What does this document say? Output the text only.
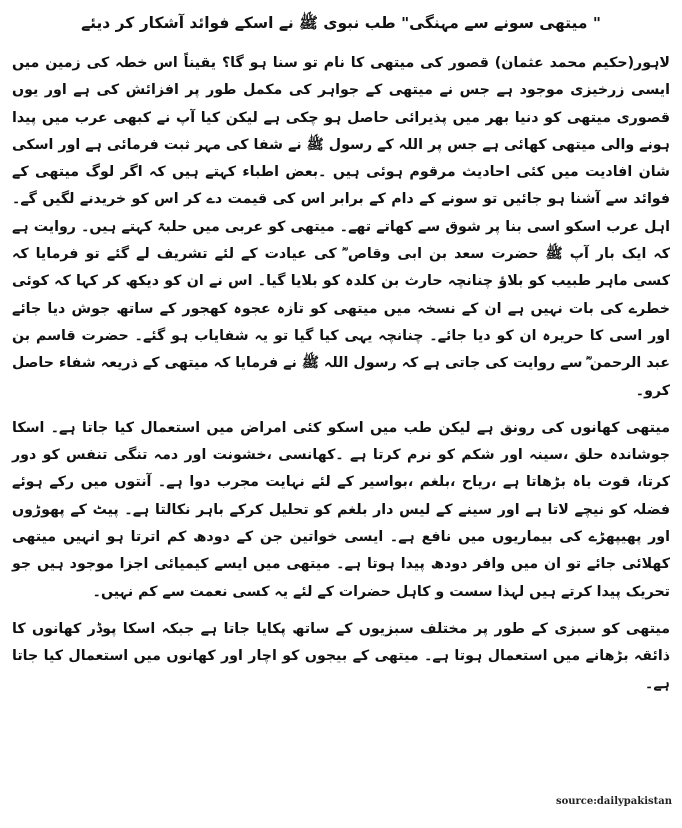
" میتھی سونے سے مہنگی" طب نبوی ﷺ نے اسکے فوائد آشکار کر دیئے

لاہور(حکیم محمد عثمان) قصور کی میتھی کا نام تو سنا ہو گا؟ یقیناً اس خطہ کی زمین میں ایسی زرخیزی موجود ہے جس نے میتھی کے جواہر کی مکمل طور پر افزائش کی ہے اور یوں قصوری میتھی کو دنیا بھر میں پذیرائی حاصل ہو چکی ہے لیکن کیا آپ نے کبھی عرب میں پیدا ہونے والی میتھی کھائی ہے جس پر اللہ کے رسول ﷺ نے شفا کی مہر ثبت فرمائی ہے اور اسکی شان افادیت میں کئی احادیث مرقوم ہوئی ہیں ۔بعض اطباء کہتے ہیں کہ اگر لوگ میتھی کے فوائد سے آشنا ہو جائیں تو سونے کے دام کے برابر اس کی قیمت دے کر اس کو خریدنے لگیں گے۔ اہل عرب اسکو اسی بنا پر شوق سے کھاتے تھے۔ میتھی کو عربی میں حلبۃ کہتے ہیں۔ روایت ہے کہ ایک بار آپ ﷺ حضرت سعد بن ابی وقاص ؓ کی عیادت کے لئے تشریف لے گئے تو فرمایا کہ کسی ماہر طبیب کو بلاؤ چنانچہ حارث بن کلدہ کو بلایا گیا۔ اس نے ان کو دیکھ کر کہا کہ کوئی خطرے کی بات نہیں ہے ان کے نسخہ میں میتھی کو تازہ عجوہ کھجور کے ساتھ جوش دیا جائے اور اسی کا حریرہ ان کو دیا جائے۔ چنانچہ یہی کیا گیا تو یہ شفایاب ہو گئے۔ حضرت قاسم بن عبد الرحمن ؓ سے روایت کی جاتی ہے کہ رسول اللہ ﷺ نے فرمایا کہ میتھی کے ذریعہ شفاء حاصل کرو۔

میتھی کھانوں کی رونق ہے لیکن طب میں اسکو کئی امراض میں استعمال کیا جاتا ہے۔ اسکا جوشاندہ حلق ،سینہ اور شکم کو نرم کرتا ہے ۔کھانسی ،خشونت اور دمہ تنگی تنفس کو دور کرتا، قوت باہ بڑھاتا ہے ،ریاح ،بلغم ،بواسیر کے لئے نہایت مجرب دوا ہے۔ آنتوں میں رکے ہوئے فضلہ کو نیچے لاتا ہے اور سینے کے لیس دار بلغم کو تحلیل کرکے باہر نکالتا ہے۔ پیٹ کے پھوڑوں اور پھیپھڑے کی بیماریوں میں نافع ہے۔ ایسی خواتین جن کے دودھ کم اترتا ہو انہیں میتھی کھلائی جائے تو ان میں وافر دودھ پیدا ہوتا ہے۔ میتھی میں ایسے کیمیائی اجزا موجود ہیں جو تحریک پیدا کرتے ہیں لہذا سست و کاہل حضرات کے لئے یہ کسی نعمت سے کم نہیں۔

میتھی کو سبزی کے طور پر مختلف سبزیوں کے ساتھ پکایا جاتا ہے جبکہ اسکا پوڈر کھانوں کا ذائقہ بڑھانے میں استعمال ہوتا ہے۔ میتھی کے بیجوں کو اچار اور کھانوں میں استعمال کیا جاتا ہے۔

source:dailypakistan
